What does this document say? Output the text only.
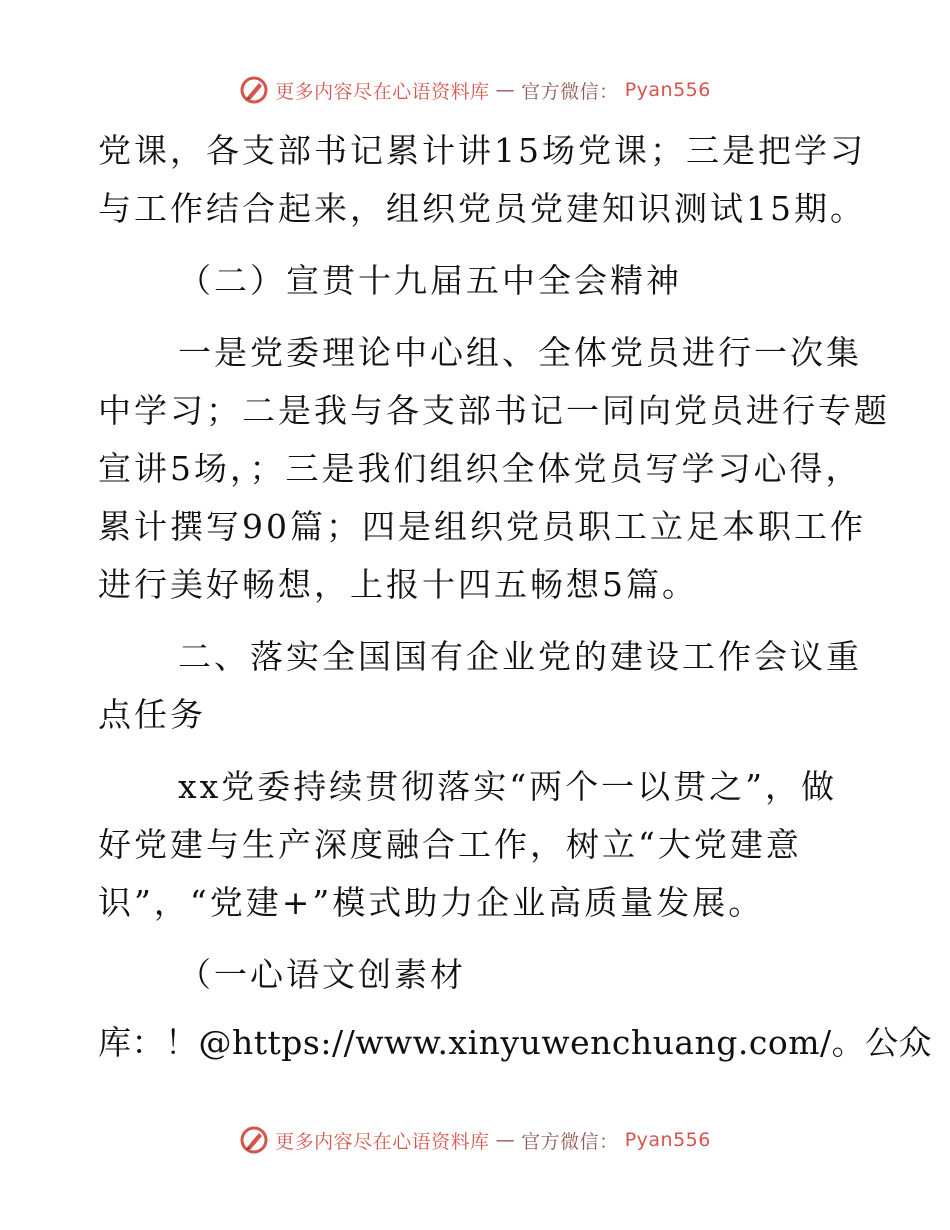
更多内容尽在心语资料库 — 官方微信： Pyan556
党课，各支部书记累计讲15场党课；三是把学习
与工作结合起来，组织党员党建知识测试15期。
（二）宣贯十九届五中全会精神
一是党委理论中心组、全体党员进行一次集
中学习；二是我与各支部书记一同向党员进行专题
宣讲5场，；三是我们组织全体党员写学习心得，
累计撰写90篇；四是组织党员职工立足本职工作
进行美好畅想，上报十四五畅想5篇。
二、落实全国国有企业党的建设工作会议重
点任务
xx党委持续贯彻落实“两个一以贯之”，做
好党建与生产深度融合工作，树立“大党建意
识”，“党建+”模式助力企业高质量发展。
（一心语文创素材
库：！@https://www.xinyuwenchuang.com/。公众
更多内容尽在心语资料库 — 官方微信： Pyan556
